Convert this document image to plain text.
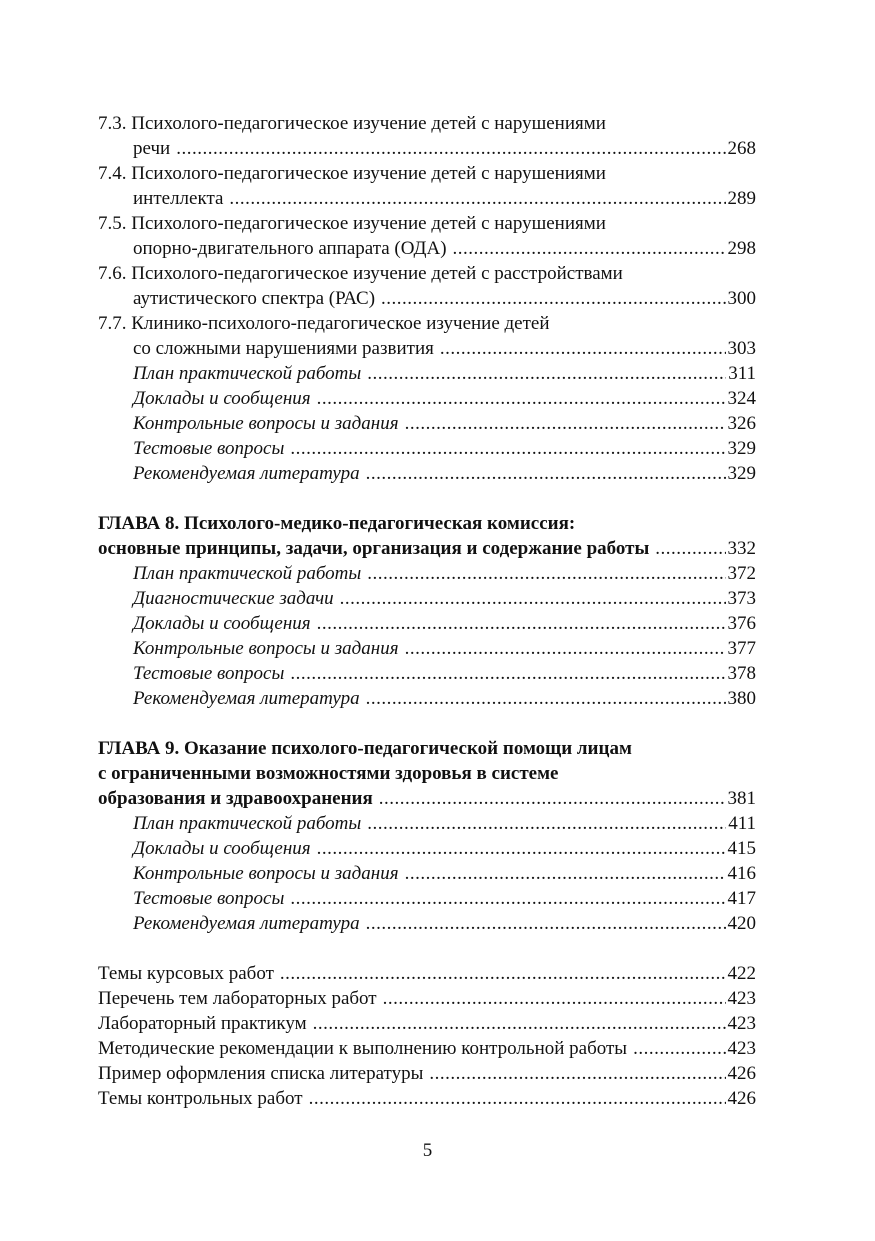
7.3. Психолого-педагогическое изучение детей с нарушениями
речи .....	268
7.4. Психолого-педагогическое изучение детей с нарушениями
интеллекта .....	289
7.5. Психолого-педагогическое изучение детей с нарушениями
опорно-двигательного аппарата (ОДА) .....	298
7.6. Психолого-педагогическое изучение детей с расстройствами
аутистического спектра (РАС) .....	300
7.7. Клинико-психолого-педагогическое изучение детей
со сложными нарушениями развития .....	303
План практической работы .....	311
Доклады и сообщения .....	324
Контрольные вопросы и задания .....	326
Тестовые вопросы .....	329
Рекомендуемая литература .....	329
ГЛАВА 8. Психолого-медико-педагогическая комиссия:
основные принципы, задачи, организация и содержание работы .....	332
План практической работы .....	372
Диагностические задачи .....	373
Доклады и сообщения .....	376
Контрольные вопросы и задания .....	377
Тестовые вопросы .....	378
Рекомендуемая литература .....	380
ГЛАВА 9. Оказание психолого-педагогической помощи лицам
с ограниченными возможностями здоровья в системе
образования и здравоохранения .....	381
План практической работы .....	411
Доклады и сообщения .....	415
Контрольные вопросы и задания .....	416
Тестовые вопросы .....	417
Рекомендуемая литература .....	420
Темы курсовых работ .....	422
Перечень тем лабораторных работ .....	423
Лабораторный практикум .....	423
Методические рекомендации к выполнению контрольной работы .....	423
Пример оформления списка литературы .....	426
Темы контрольных работ .....	426
5
